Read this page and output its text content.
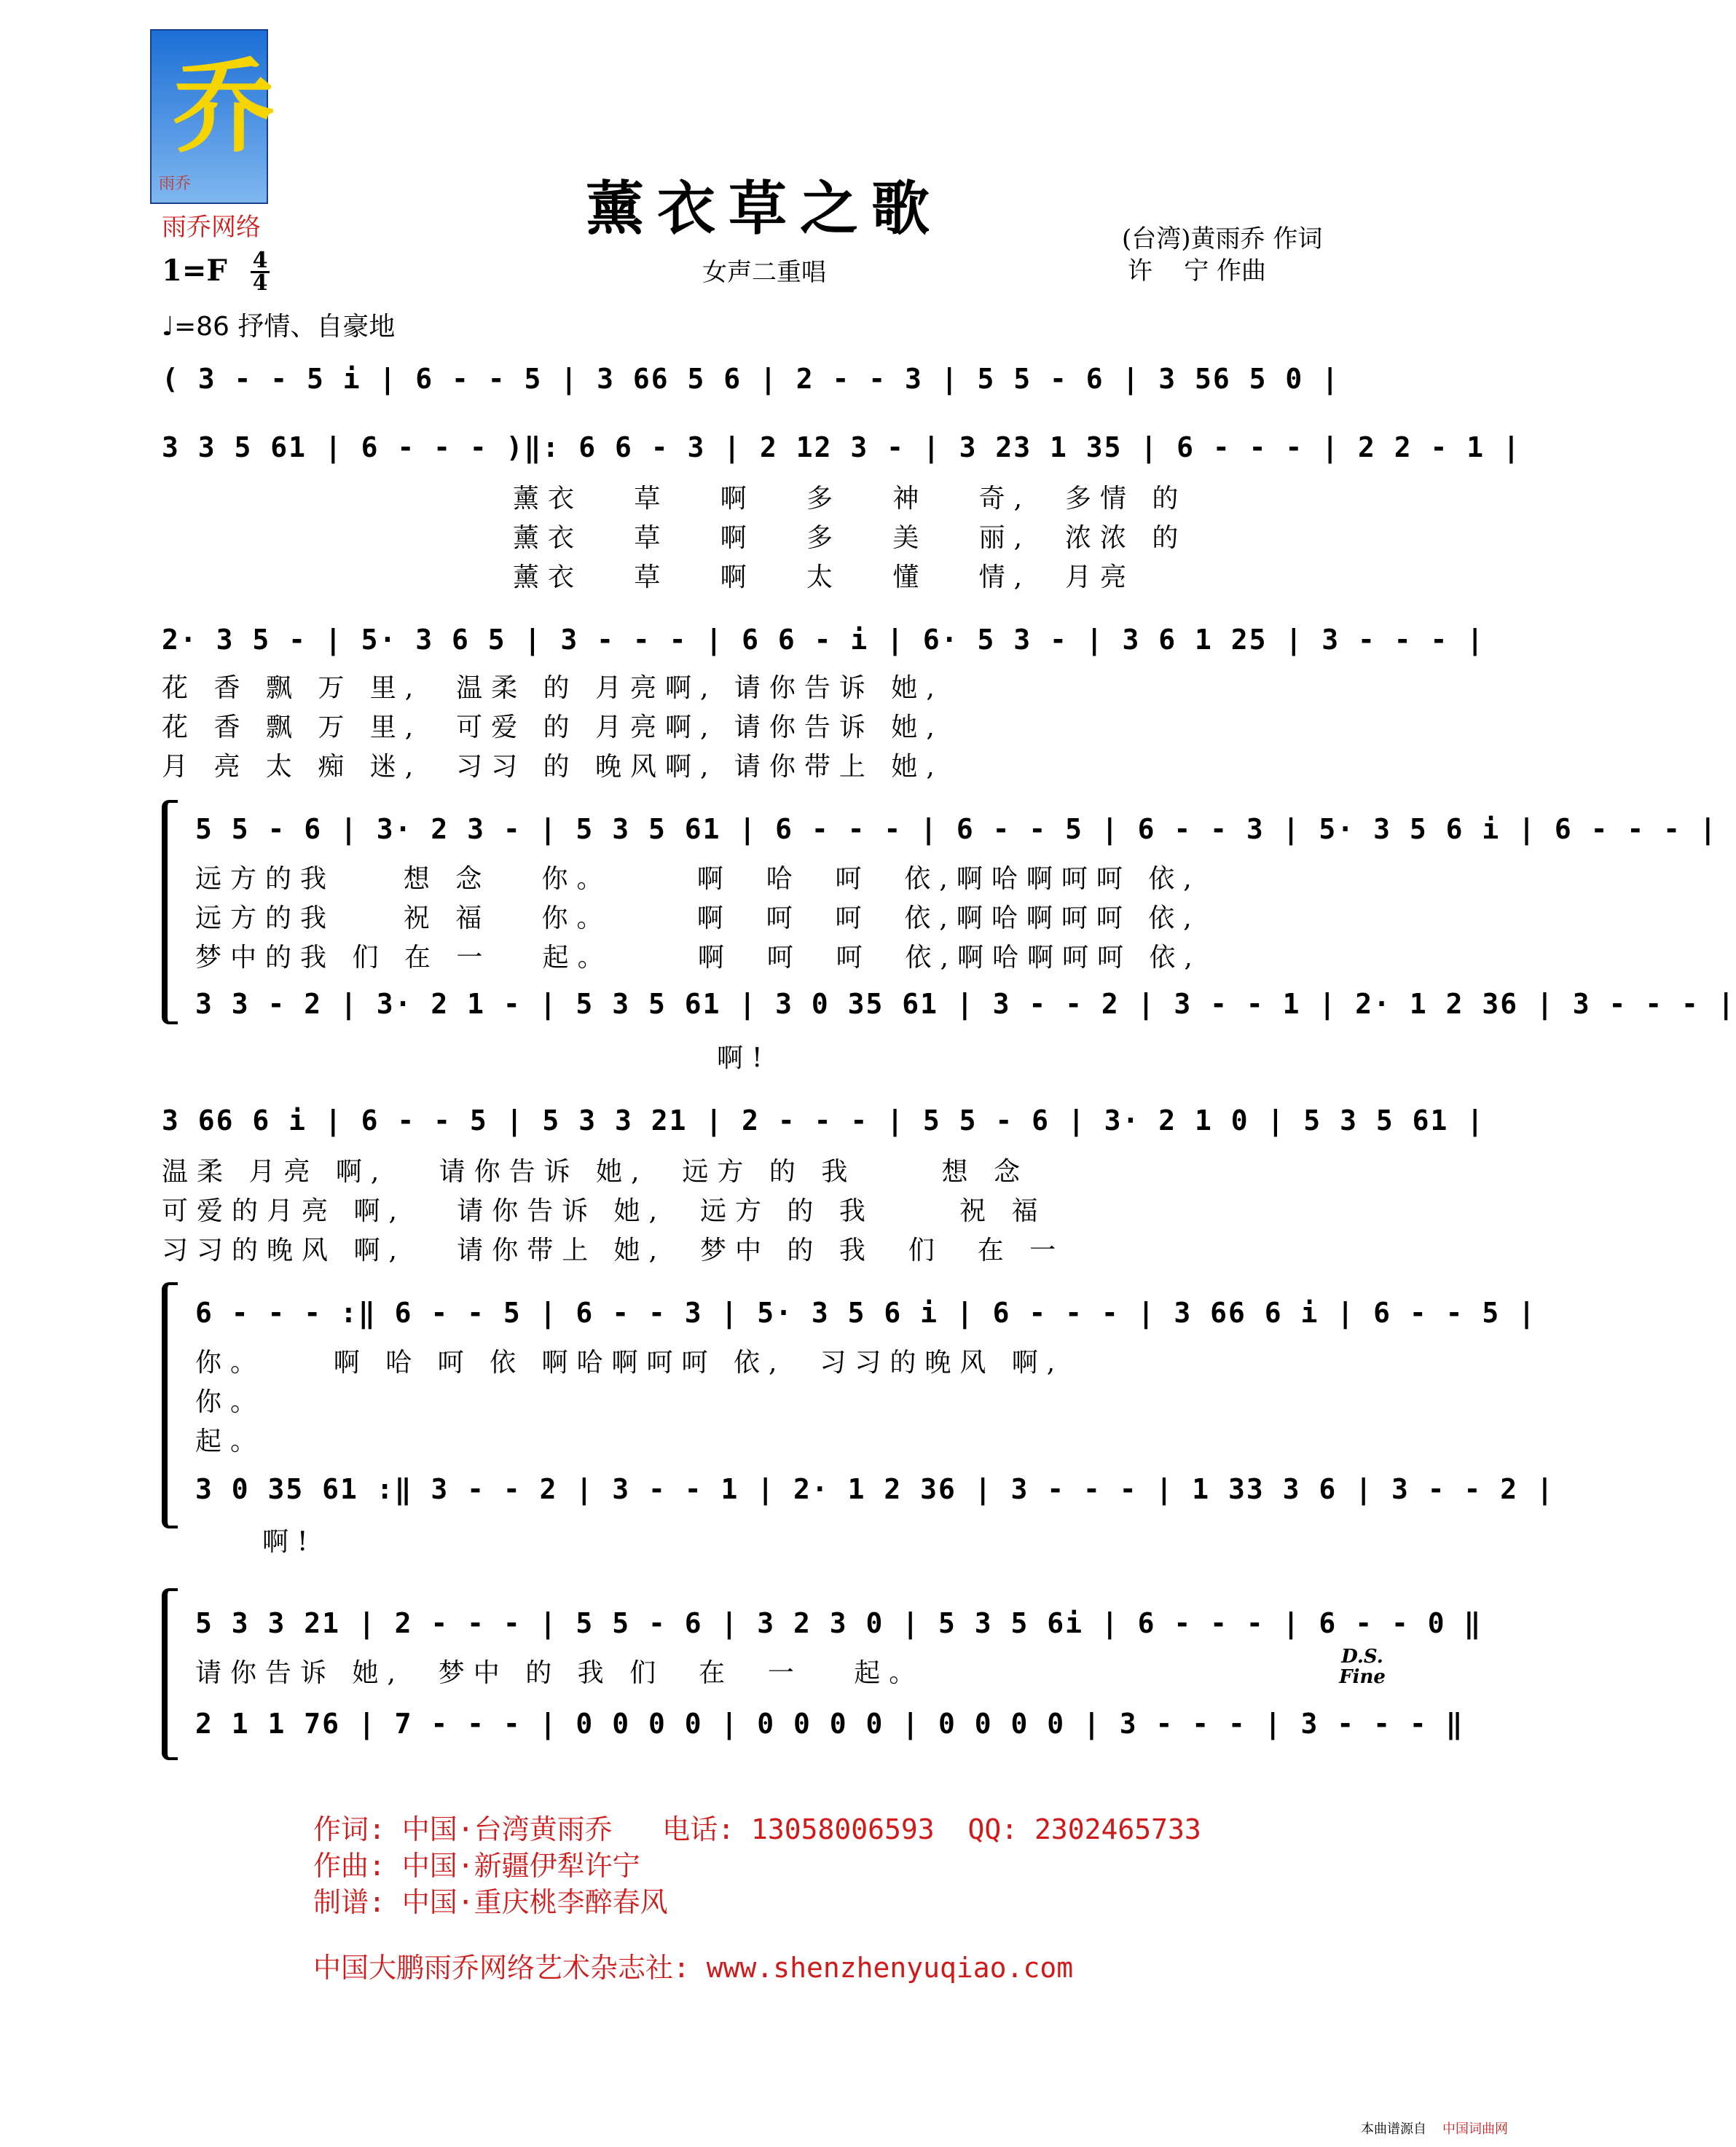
乔
雨乔
雨乔网络	薰衣草之歌
女声二重唱
(台湾)黄雨乔 作词
许    宁 作曲
1=F 4
4
♩=86 抒情、自豪地
( 3 - - 5 i | 6 - - 5 | 3 66 5 6 | 2 - - 3 | 5 5 - 6 | 3 56 5 0 |
3 3 5 61 | 6 - - - )‖: 6 6 - 3 | 2 12 3 - | 3 23 1 35 | 6 - - - | 2 2 - 1 |
薰衣   草   啊   多   神   奇,  多情 的
薰衣   草   啊   多   美   丽,  浓浓 的
薰衣   草   啊   太   懂   情,  月亮
2· 3 5 - | 5· 3 6 5 | 3 - - - | 6 6 - i | 6· 5 3 - | 3 6 1 25 | 3 - - - |
花 香 飘 万 里,  温柔 的 月亮啊, 请你告诉 她,
花 香 飘 万 里,  可爱 的 月亮啊, 请你告诉 她,
月 亮 太 痴 迷,  习习 的 晚风啊, 请你带上 她,
5 5 - 6 | 3· 2 3 - | 5 3 5 61 | 6 - - - | 6 - - 5 | 6 - - 3 | 5· 3 5 6 i | 6 - - - |
远方的我    想 念   你。     啊  哈  呵  依,啊哈啊呵呵 依,
远方的我    祝 福   你。     啊  呵  呵  依,啊哈啊呵呵 依,
梦中的我 们 在 一   起。     啊  呵  呵  依,啊哈啊呵呵 依,
3 3 - 2 | 3· 2 1 - | 5 3 5 61 | 3 0 35 61 | 3 - - 2 | 3 - - 1 | 2· 1 2 36 | 3 - - - |
啊!
3 66 6 i | 6 - - 5 | 5 3 3 21 | 2 - - - | 5 5 - 6 | 3· 2 1 0 | 5 3 5 61 |
温柔 月亮 啊,   请你告诉 她,  远方 的 我     想 念
可爱的月亮 啊,   请你告诉 她,  远方 的 我     祝 福
习习的晚风 啊,   请你带上 她,  梦中 的 我  们  在 一
6 - - - :‖ 6 - - 5 | 6 - - 3 | 5· 3 5 6 i | 6 - - - | 3 66 6 i | 6 - - 5 |
你。    啊 哈 呵 依 啊哈啊呵呵 依,  习习的晚风 啊,
你。
起。
3 0 35 61 :‖ 3 - - 2 | 3 - - 1 | 2· 1 2 36 | 3 - - - | 1 33 3 6 | 3 - - 2 |
啊!
5 3 3 21 | 2 - - - | 5 5 - 6 | 3 2 3 0 | 5 3 5 6i | 6 - - - | 6 - - 0 ‖
请你告诉 她,  梦中 的 我 们  在  一   起。
2 1 1 76 | 7 - - - | 0 0 0 0 | 0 0 0 0 | 0 0 0 0 | 3 - - - | 3 - - - ‖
D.S.
Fine
作词: 中国·台湾黄雨乔   电话: 13058006593  QQ: 2302465733
作曲: 中国·新疆伊犁许宁
制谱: 中国·重庆桃李醉春风
中国大鹏雨乔网络艺术杂志社: www.shenzhenyuqiao.com
本曲谱源自 中国词曲网
